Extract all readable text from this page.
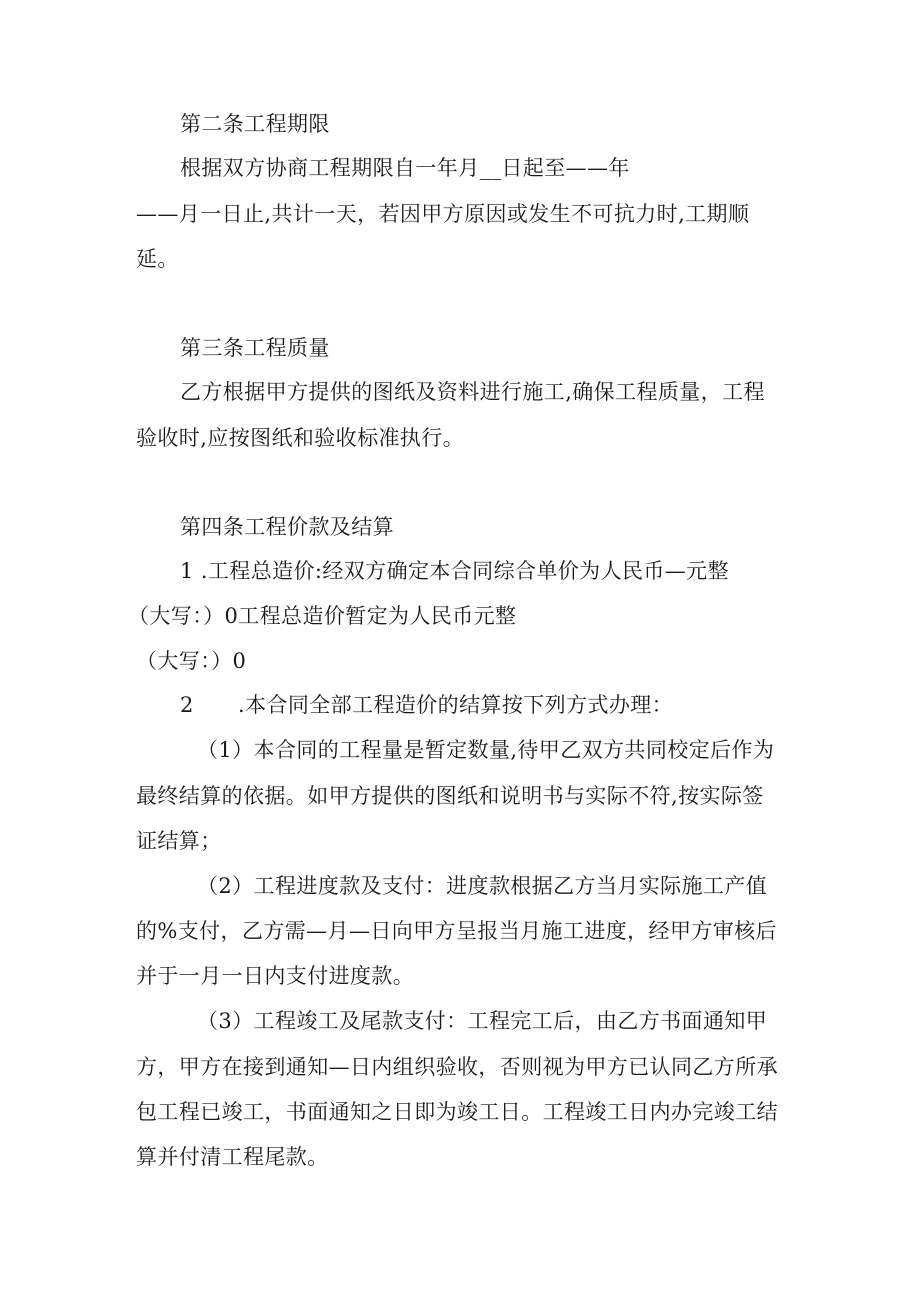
第二条工程期限
根据双方协商工程期限自一年月__日起至——年
——月一日止,共计一天，若因甲方原因或发生不可抗力时,工期顺
延。
第三条工程质量
乙方根据甲方提供的图纸及资料进行施工,确保工程质量，工程
验收时,应按图纸和验收标准执行。
第四条工程价款及结算
1 .工程总造价:经双方确定本合同综合单价为人民币—元整
（大写：）0工程总造价暂定为人民币元整
（大写：）0
2 .本合同全部工程造价的结算按下列方式办理：
（1）本合同的工程量是暂定数量,待甲乙双方共同校定后作为
最终结算的依据。如甲方提供的图纸和说明书与实际不符,按实际签
证结算；
（2）工程进度款及支付：进度款根据乙方当月实际施工产值
的%支付，乙方需—月—日向甲方呈报当月施工进度，经甲方审核后
并于一月一日内支付进度款。
（3）工程竣工及尾款支付：工程完工后，由乙方书面通知甲
方，甲方在接到通知—日内组织验收，否则视为甲方已认同乙方所承
包工程已竣工，书面通知之日即为竣工日。工程竣工日内办完竣工结
算并付清工程尾款。
